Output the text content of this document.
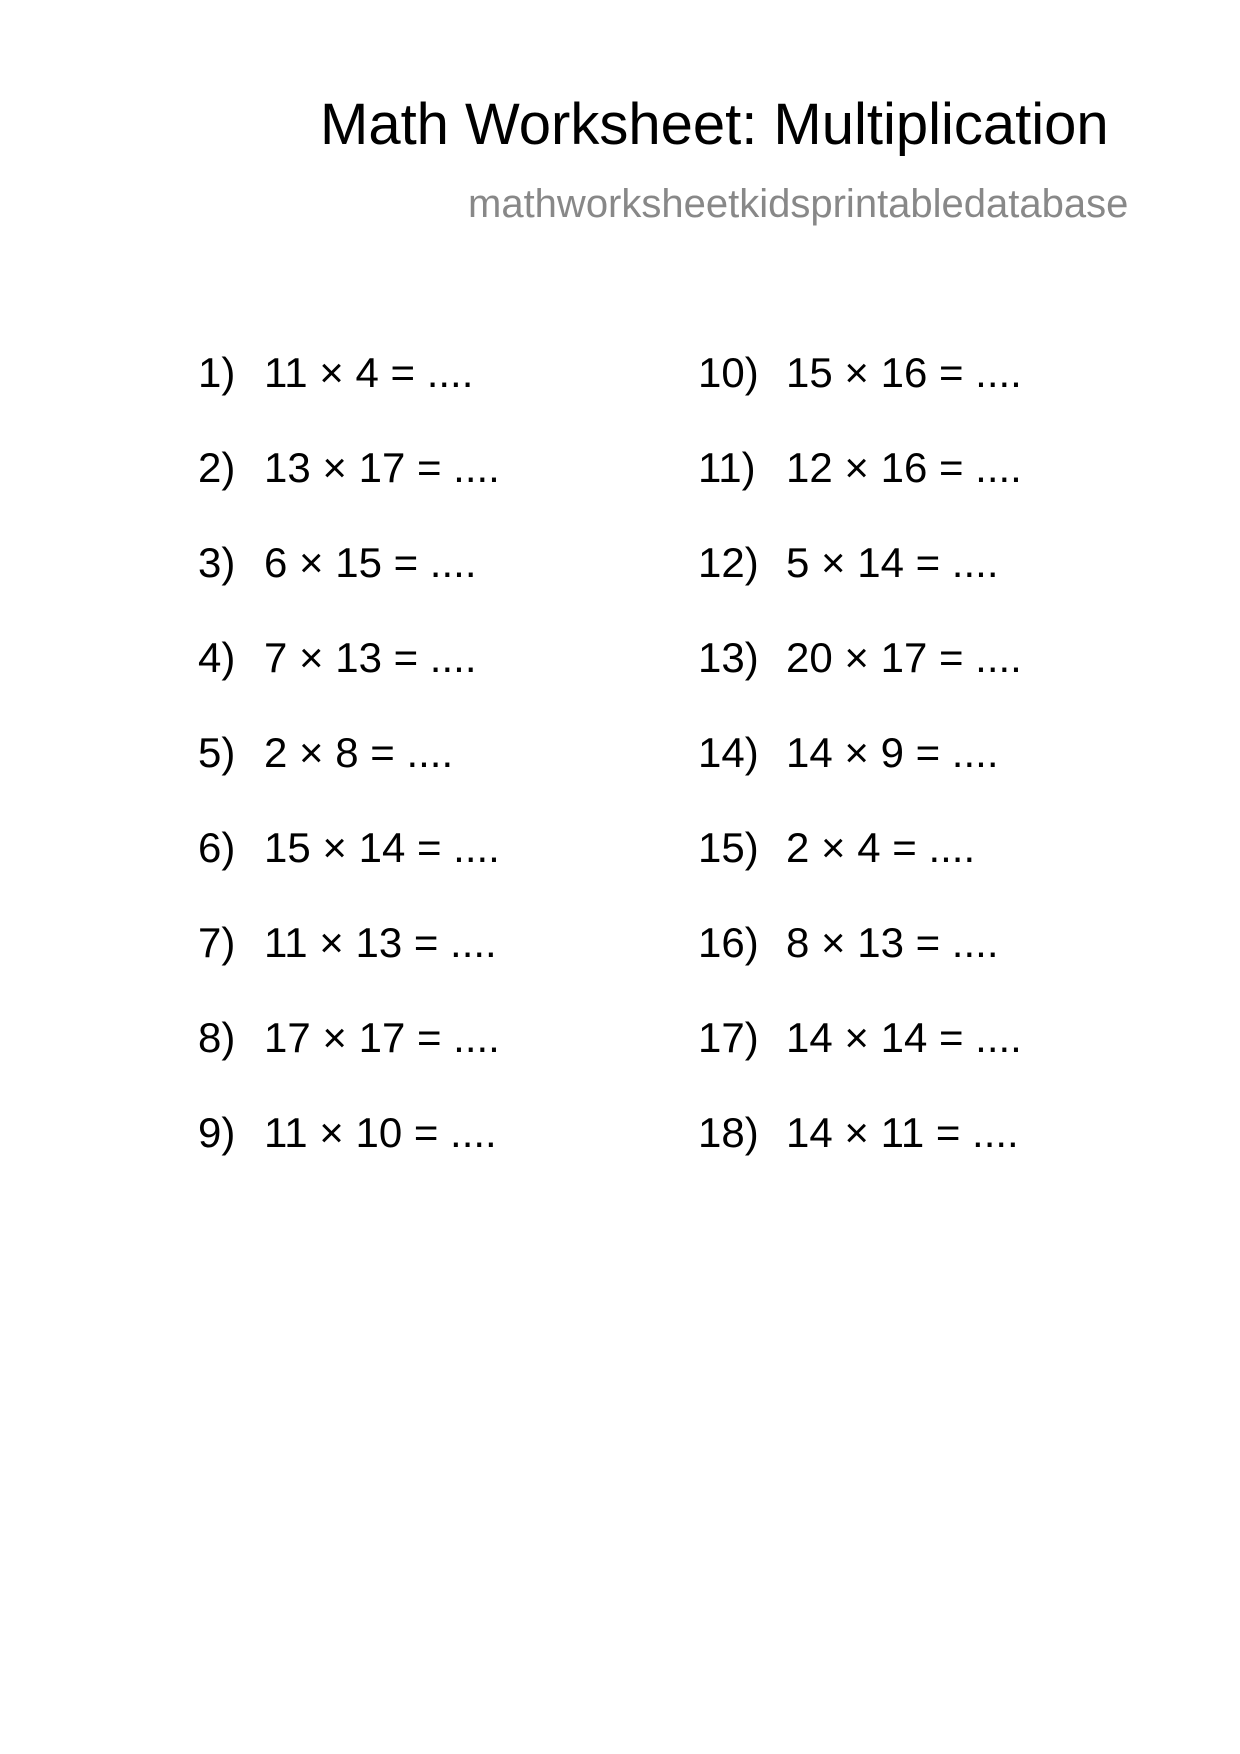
Math Worksheet: Multiplication
mathworksheetkidsprintabledatabase
1) 11 × 4 = ....
2) 13 × 17 = ....
3) 6 × 15 = ....
4) 7 × 13 = ....
5) 2 × 8 = ....
6) 15 × 14 = ....
7) 11 × 13 = ....
8) 17 × 17 = ....
9) 11 × 10 = ....
10) 15 × 16 = ....
11) 12 × 16 = ....
12) 5 × 14 = ....
13) 20 × 17 = ....
14) 14 × 9 = ....
15) 2 × 4 = ....
16) 8 × 13 = ....
17) 14 × 14 = ....
18) 14 × 11 = ....
